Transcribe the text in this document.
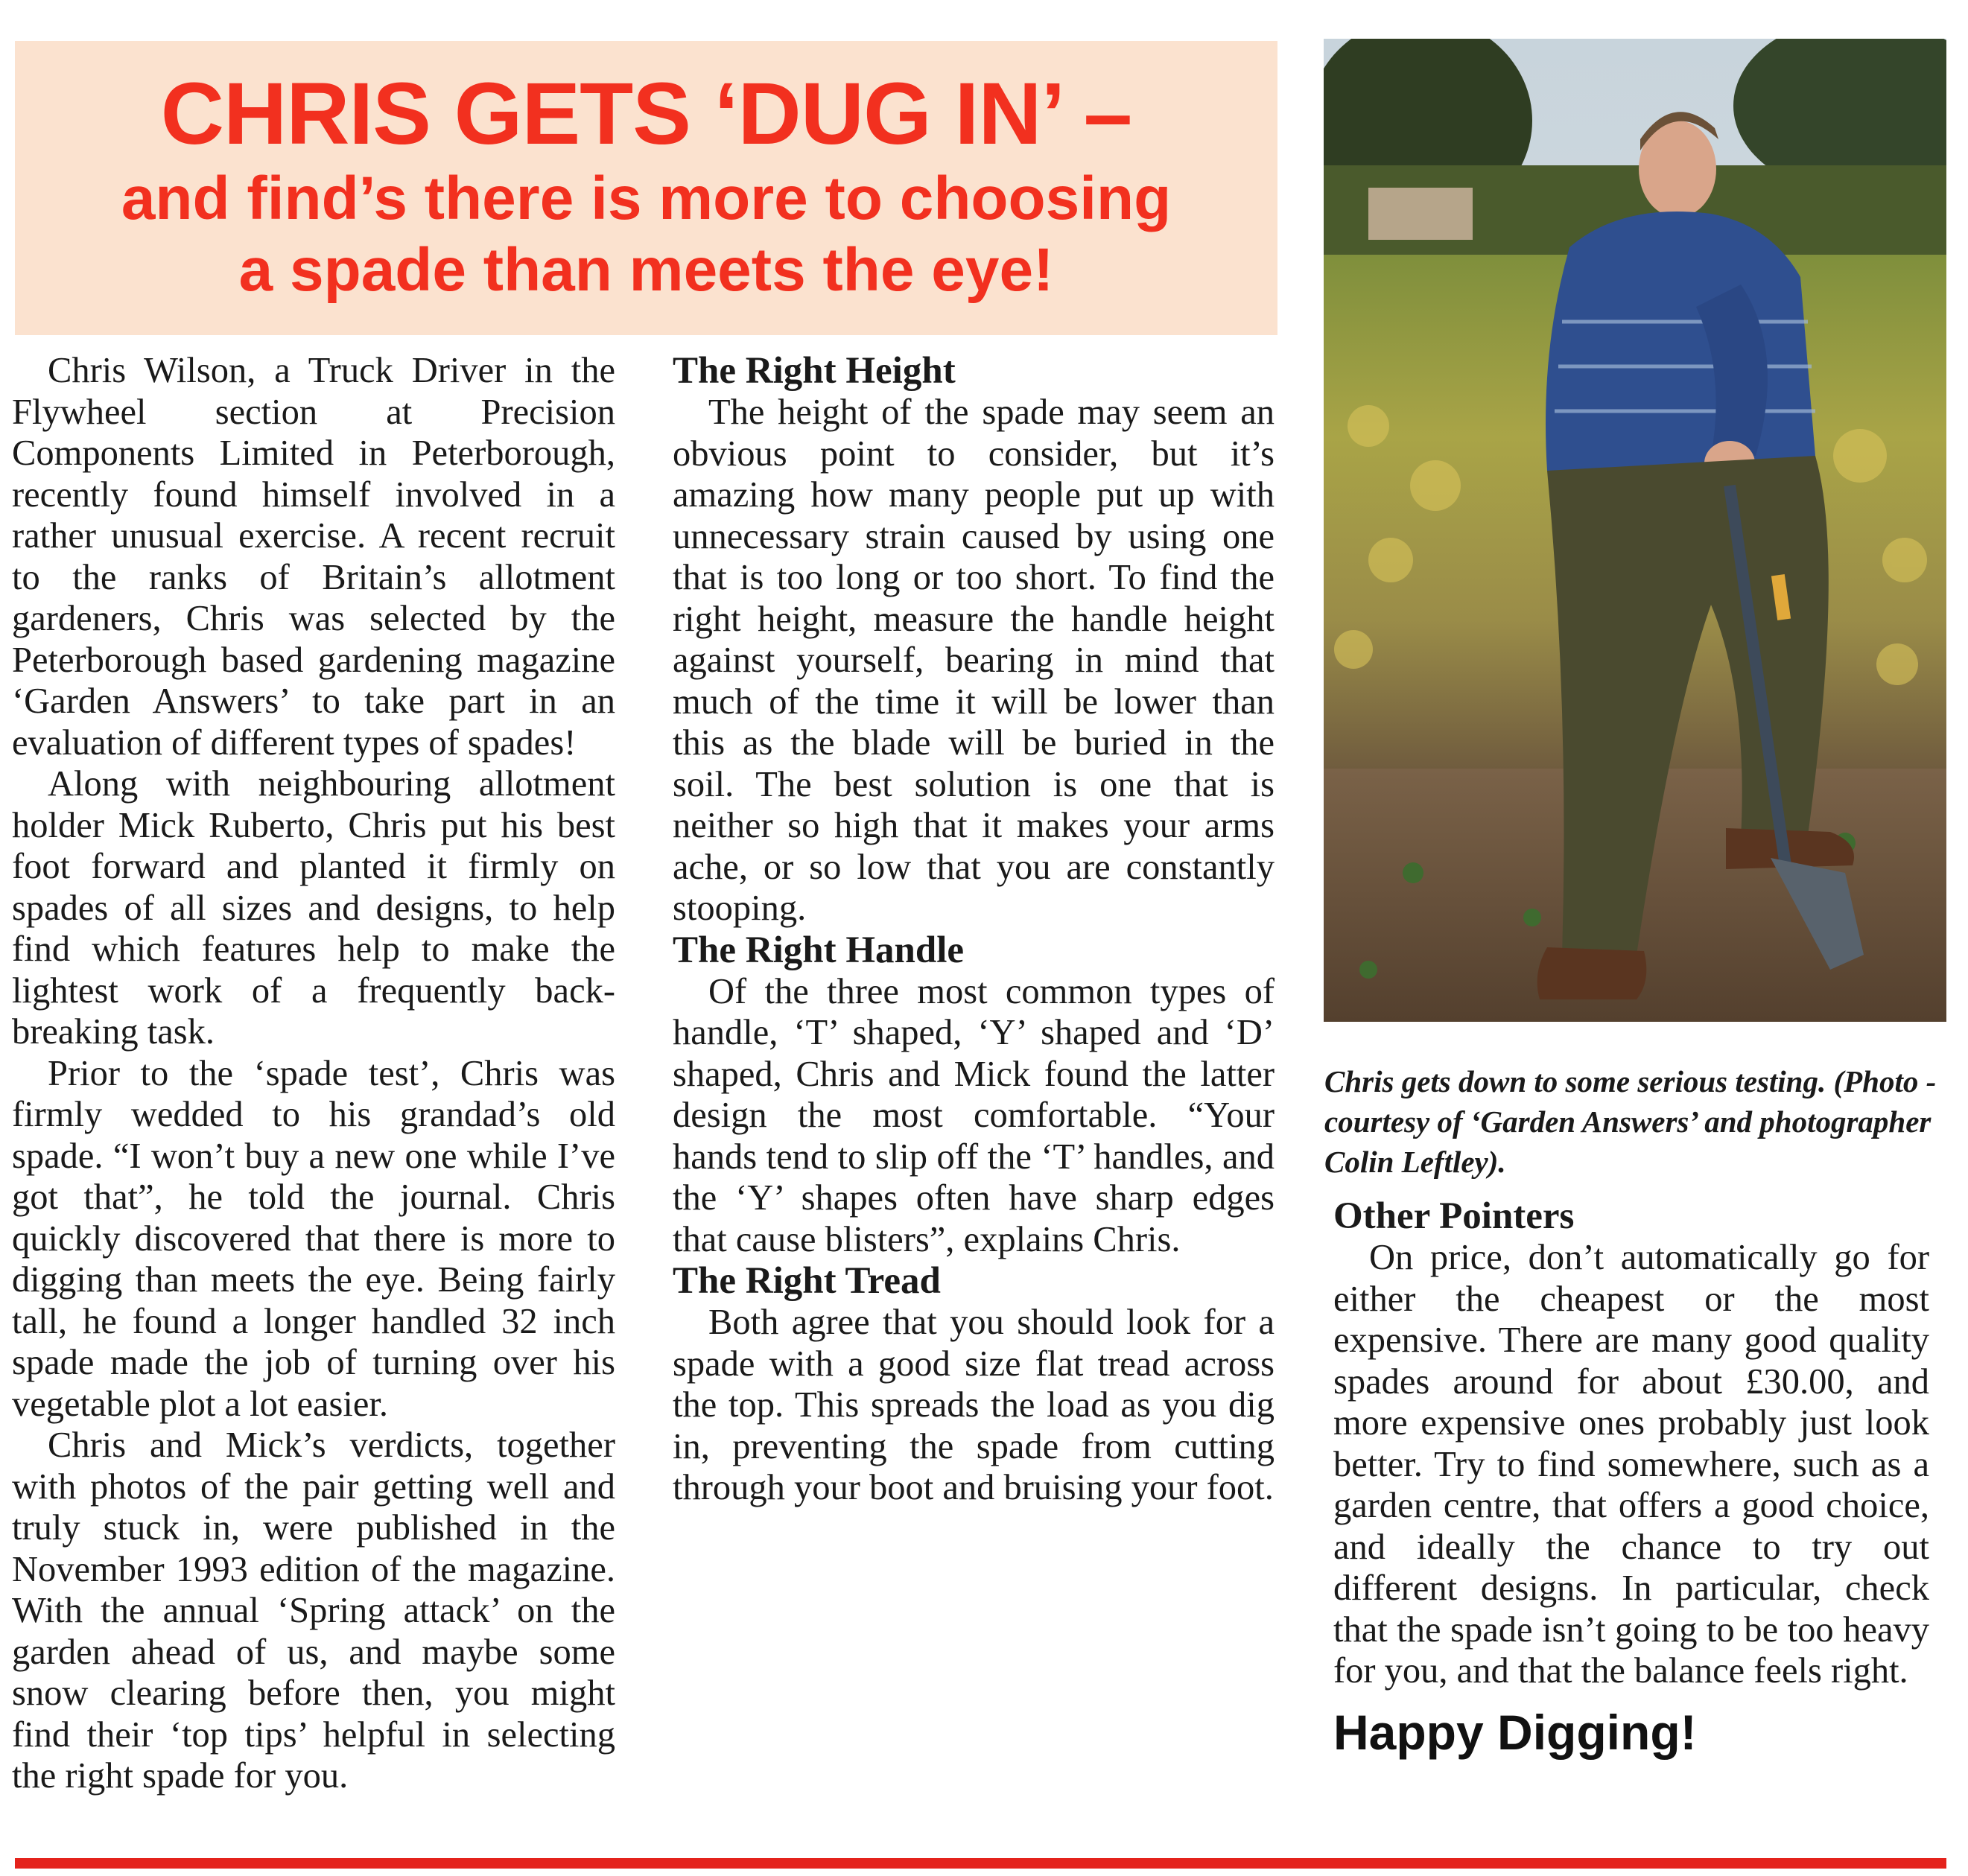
CHRIS GETS ‘DUG IN’ –
and find’s there is more to choosing
a spade than meets the eye!

Chris Wilson, a Truck Driver in the Flywheel section at Precision Components Limited in Peterborough, recently found himself involved in a rather unusual exercise. A recent recruit to the ranks of Britain’s allotment gardeners, Chris was selected by the Peterborough based gardening magazine ‘Garden Answers’ to take part in an evaluation of different types of spades!

Along with neighbouring allotment holder Mick Ruberto, Chris put his best foot forward and planted it firmly on spades of all sizes and designs, to help find which features help to make the lightest work of a frequently back-breaking task.

Prior to the ‘spade test’, Chris was firmly wedded to his grandad’s old spade. “I won’t buy a new one while I’ve got that”, he told the journal. Chris quickly discovered that there is more to digging than meets the eye. Being fairly tall, he found a longer handled 32 inch spade made the job of turning over his vegetable plot a lot easier.

Chris and Mick’s verdicts, together with photos of the pair getting well and truly stuck in, were published in the November 1993 edition of the magazine. With the annual ‘Spring attack’ on the garden ahead of us, and maybe some snow clearing before then, you might find their ‘top tips’ helpful in selecting the right spade for you.

The Right Height

The height of the spade may seem an obvious point to consider, but it’s amazing how many people put up with unnecessary strain caused by using one that is too long or too short. To find the right height, measure the handle height against yourself, bearing in mind that much of the time it will be lower than this as the blade will be buried in the soil. The best solution is one that is neither so high that it makes your arms ache, or so low that you are constantly stooping.

The Right Handle

Of the three most common types of handle, ‘T’ shaped, ‘Y’ shaped and ‘D’ shaped, Chris and Mick found the latter design the most comfortable. “Your hands tend to slip off the ‘T’ handles, and the ‘Y’ shapes often have sharp edges that cause blisters”, explains Chris.

The Right Tread

Both agree that you should look for a spade with a good size flat tread across the top. This spreads the load as you dig in, preventing the spade from cutting through your boot and bruising your foot.

Chris gets down to some serious testing. (Photo - courtesy of ‘Garden Answers’ and photographer Colin Leftley).
Other Pointers

On price, don’t automatically go for either the cheapest or the most expensive. There are many good quality spades around for about £30.00, and more expensive ones probably just look better. Try to find somewhere, such as a garden centre, that offers a good choice, and ideally the chance to try out different designs. In particular, check that the spade isn’t going to be too heavy for you, and that the balance feels right.

Happy Digging!
